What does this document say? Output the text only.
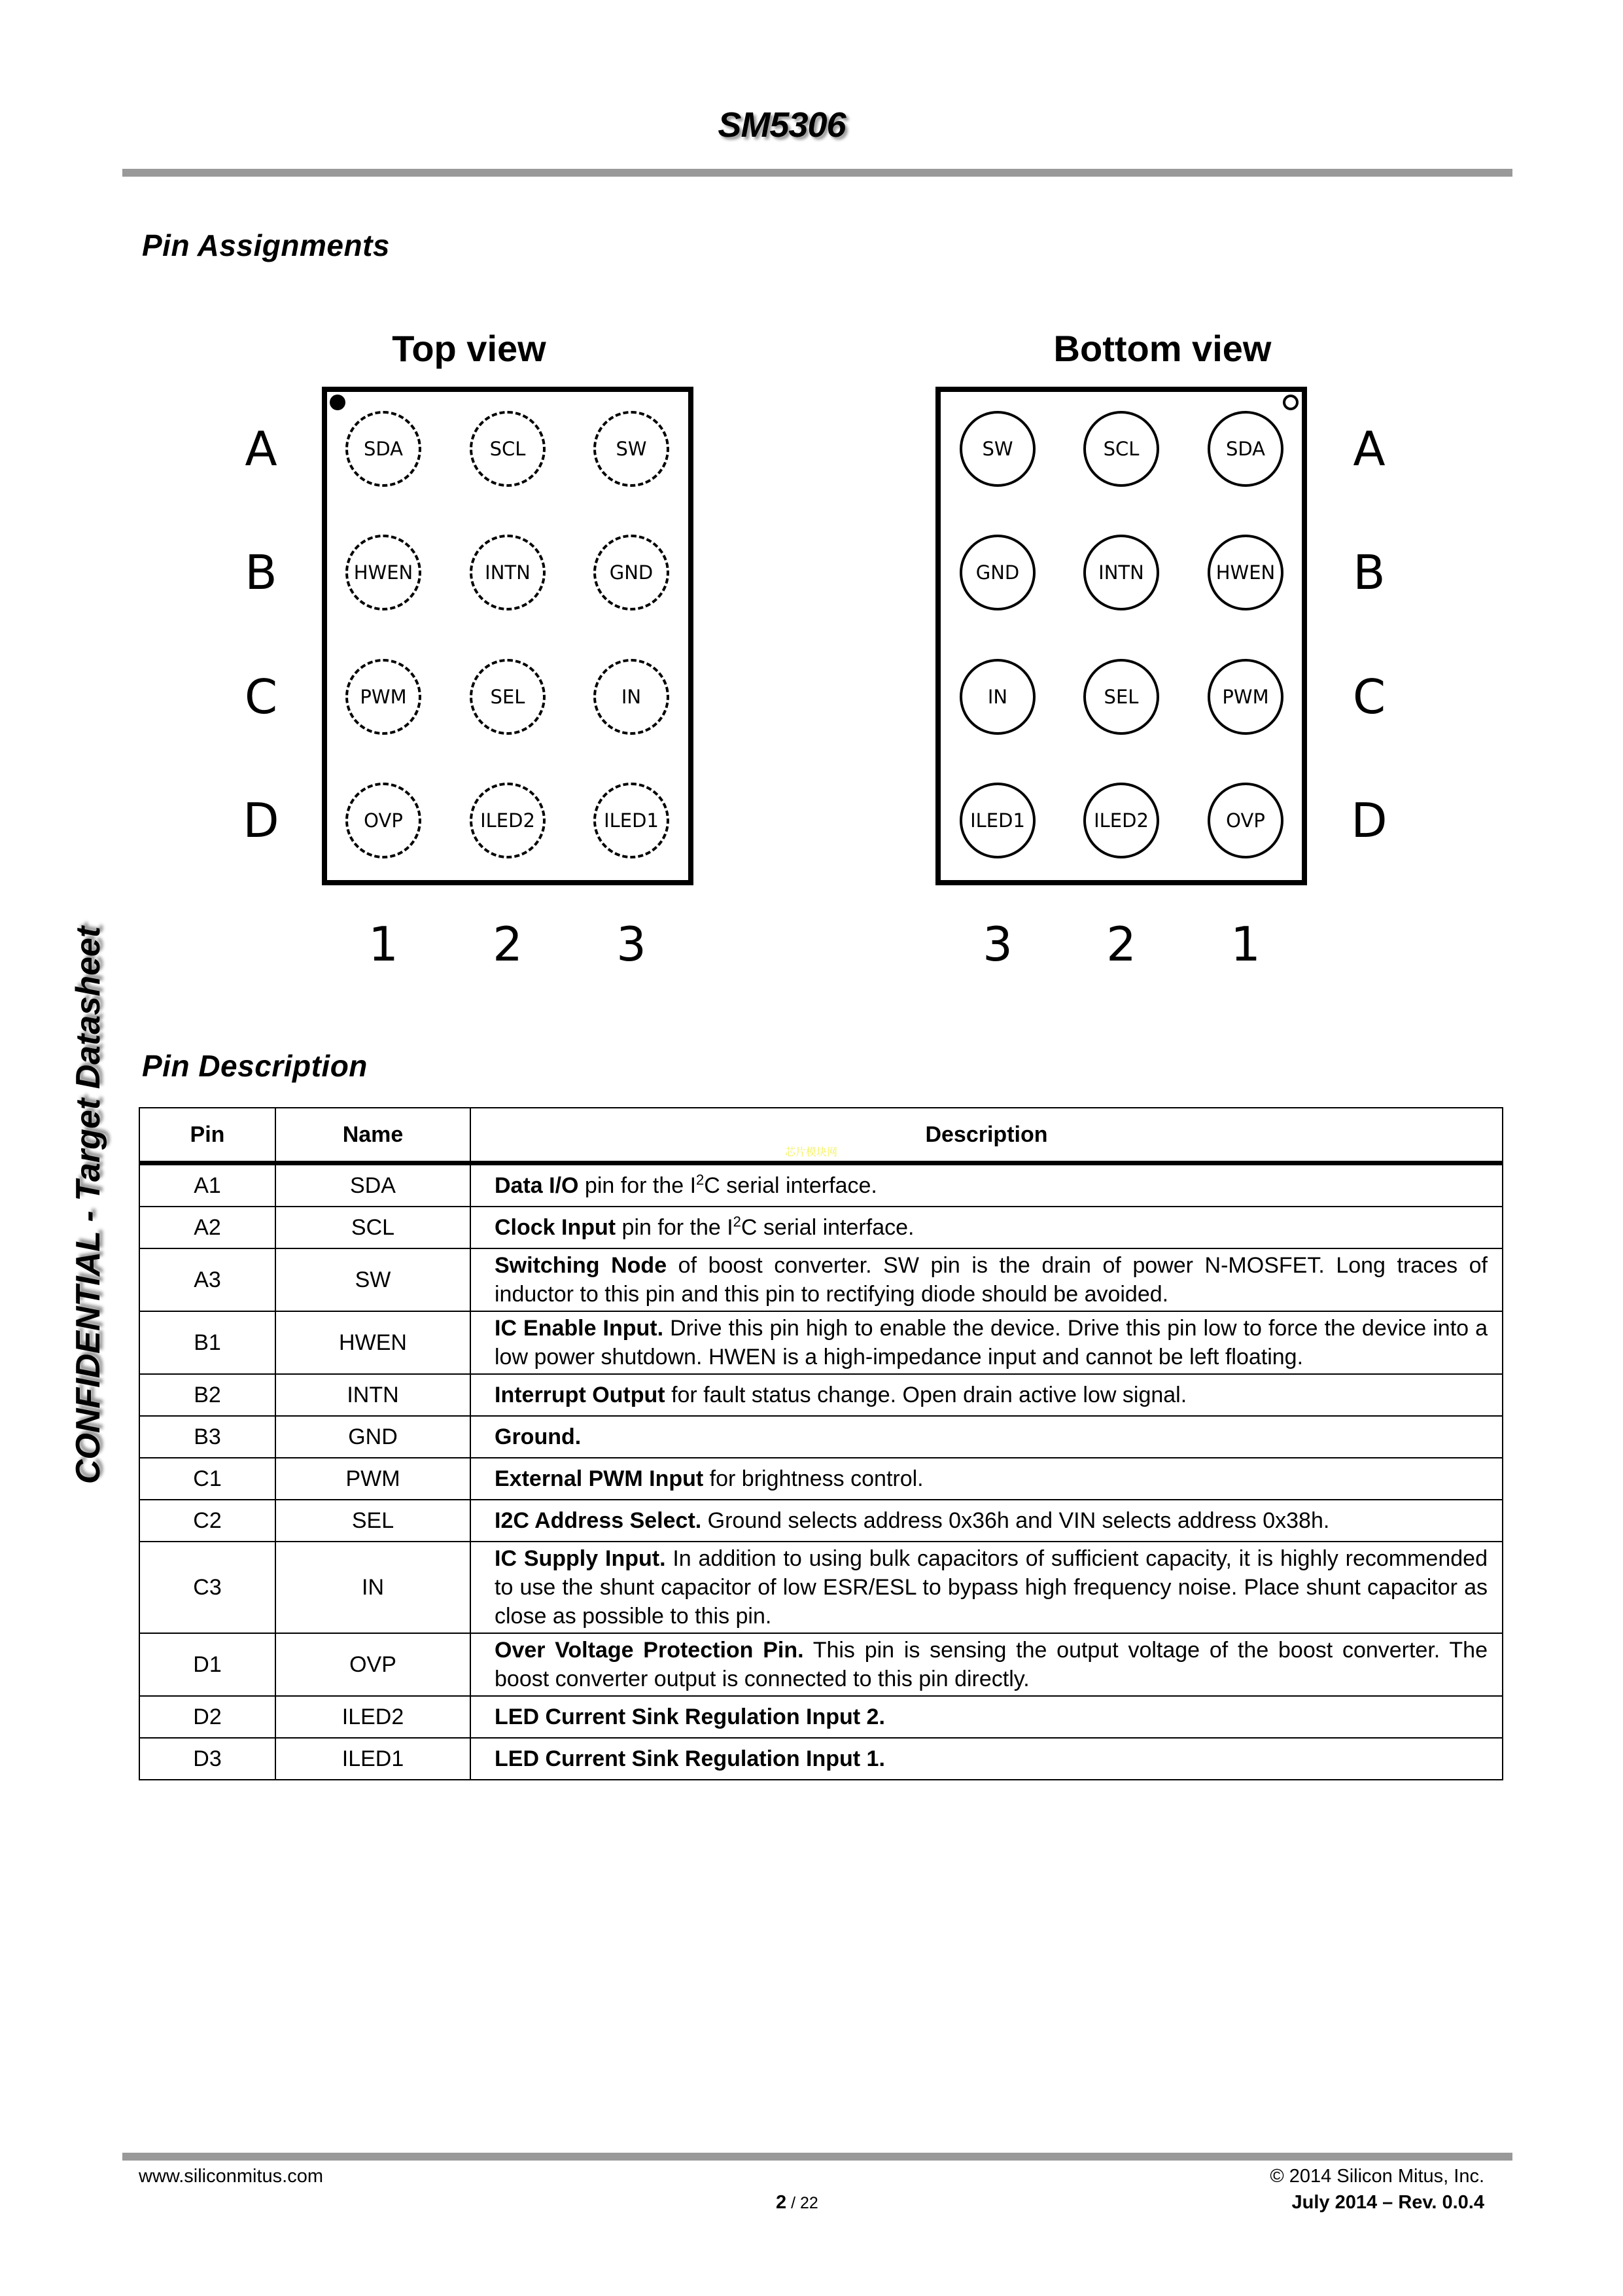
SM5306
CONFIDENTIAL - Target Datasheet
Pin Assignments
Top view	Bottom view
A	SDA	SCL	SW
B	HWEN	INTN	GND
C	PWM	SEL	IN
D	OVP	ILED2	ILED1
1 2 3
A
SW	SCL	SDA
B
GND	INTN	HWEN
C
IN	SEL	PWM
D
ILED1	ILED2	OVP
3 2 1
Pin Description
Pin	Name	Description
A1	SDA	Data I/O pin for the $I^2C$ serial interface.
A2	SCL	Clock Input pin for the $I^2C$ serial interface.
A3	SW	Switching Node of boost converter. SW pin is the drain of power N-MOSFET. Long traces of inductor to this pin and this pin to rectifying diode should be avoided.
B1	HWEN	IC Enable Input. Drive this pin high to enable the device. Drive this pin low to force the device into a low power shutdown. HWEN is a high-impedance input and cannot be left floating.
B2	INTN	Interrupt Output for fault status change. Open drain active low signal.
B3	GND	Ground.
C1	PWM	External PWM Input for brightness control.
C2	SEL	I2C Address Select. Ground selects address 0x36h and VIN selects address 0x38h.
C3	IN	IC Supply Input. In addition to using bulk capacitors of sufficient capacity, it is highly recommended to use the shunt capacitor of low ESR/ESL to bypass high frequency noise. Place shunt capacitor as close as possible to this pin.
D1	OVP	Over Voltage Protection Pin. This pin is sensing the output voltage of the boost converter. The boost converter output is connected to this pin directly.
D2	ILED2	LED Current Sink Regulation Input 2.
D3	ILED1	LED Current Sink Regulation Input 1.
芯片模块网
www.siliconmitus.com	© 2014 Silicon Mitus, Inc.
2 / 22	July 2014 – Rev. 0.0.4
